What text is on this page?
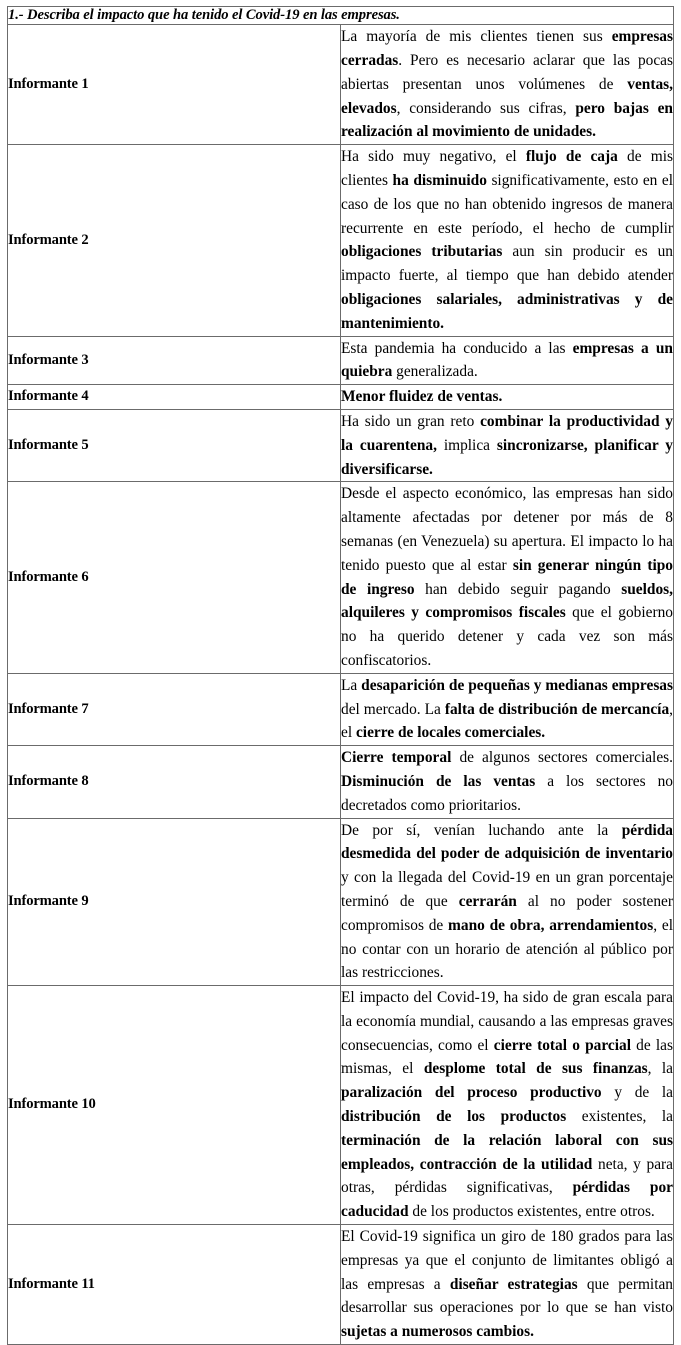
1.- Describa el impacto que ha tenido el Covid-19 en las empresas.	
Informante 1	La mayoría de mis clientes tienen sus empresas cerradas. Pero es necesario aclarar que las pocas abiertas presentan unos volúmenes de ventas, elevados, considerando sus cifras, pero bajas en realización al movimiento de unidades.

Informante 2	Ha sido muy negativo, el flujo de caja de mis clientes ha disminuido significativamente, esto en el caso de los que no han obtenido ingresos de manera recurrente en este período, el hecho de cumplir obligaciones tributarias aun sin producir es un impacto fuerte, al tiempo que han debido atender obligaciones salariales, administrativas y de mantenimiento.

Informante 3	Esta pandemia ha conducido a las empresas a un quiebra generalizada.

Informante 4	Menor fluidez de ventas.

Informante 5	Ha sido un gran reto combinar la productividad y la cuarentena, implica sincronizarse, planificar y diversificarse.

Informante 6	Desde el aspecto económico, las empresas han sido altamente afectadas por detener por más de 8 semanas (en Venezuela) su apertura. El impacto lo ha tenido puesto que al estar sin generar ningún tipo de ingreso han debido seguir pagando sueldos, alquileres y compromisos fiscales que el gobierno no ha querido detener y cada vez son más confiscatorios.

Informante 7	La desaparición de pequeñas y medianas empresas del mercado. La falta de distribución de mercancía, el cierre de locales comerciales.

Informante 8	Cierre temporal de algunos sectores comerciales. Disminución de las ventas a los sectores no decretados como prioritarios.

Informante 9	De por sí, venían luchando ante la pérdida desmedida del poder de adquisición de inventario y con la llegada del Covid-19 en un gran porcentaje terminó de que cerrarán al no poder sostener compromisos de mano de obra, arrendamientos, el no contar con un horario de atención al público por las restricciones.

Informante 10	El impacto del Covid-19, ha sido de gran escala para la economía mundial, causando a las empresas graves consecuencias, como el cierre total o parcial de las mismas, el desplome total de sus finanzas, la paralización del proceso productivo y de la distribución de los productos existentes, la terminación de la relación laboral con sus empleados, contracción de la utilidad neta, y para otras, pérdidas significativas, pérdidas por caducidad de los productos existentes, entre otros.

Informante 11	El Covid-19 significa un giro de 180 grados para las empresas ya que el conjunto de limitantes obligó a las empresas a diseñar estrategias que permitan desarrollar sus operaciones por lo que se han visto sujetas a numerosos cambios.
